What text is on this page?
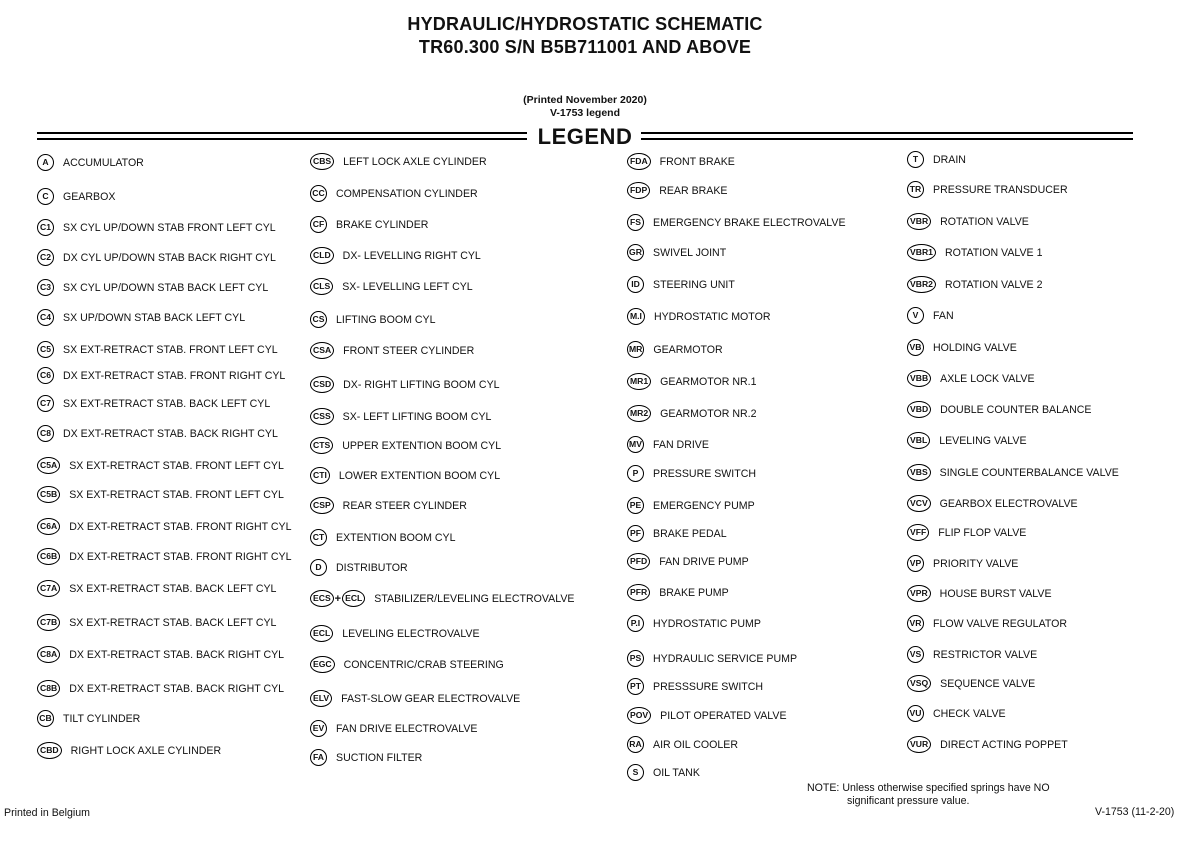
HYDRAULIC/HYDROSTATIC SCHEMATIC
TR60.300 S/N B5B711001 AND ABOVE
(Printed November 2020)
V-1753 legend
LEGEND
A	ACCUMULATOR
C	GEARBOX
C1 SX CYL UP/DOWN STAB FRONT LEFT CYL
C2 DX CYL UP/DOWN STAB BACK RIGHT CYL
C3 SX CYL UP/DOWN STAB BACK LEFT CYL
C4 SX UP/DOWN STAB BACK LEFT CYL
C5 SX EXT-RETRACT STAB. FRONT LEFT CYL
C6 DX EXT-RETRACT STAB. FRONT RIGHT CYL
C7 SX EXT-RETRACT STAB. BACK LEFT CYL
C8 DX EXT-RETRACT STAB. BACK RIGHT CYL
C5A SX EXT-RETRACT STAB. FRONT LEFT CYL
C5B SX EXT-RETRACT STAB. FRONT LEFT CYL
C6A DX EXT-RETRACT STAB. FRONT RIGHT CYL
C6B DX EXT-RETRACT STAB. FRONT RIGHT CYL
C7A SX EXT-RETRACT STAB. BACK LEFT CYL
C7B SX EXT-RETRACT STAB. BACK LEFT CYL
C8A DX EXT-RETRACT STAB. BACK RIGHT CYL
C8B DX EXT-RETRACT STAB. BACK RIGHT CYL
CB TILT CYLINDER
CBD RIGHT LOCK AXLE CYLINDER
CBS LEFT LOCK AXLE CYLINDER
CC COMPENSATION CYLINDER
CF BRAKE CYLINDER
CLD DX- LEVELLING RIGHT CYL
CLS SX- LEVELLING LEFT CYL
CS LIFTING BOOM CYL
CSA FRONT STEER CYLINDER
CSD DX- RIGHT LIFTING BOOM CYL
CSS SX- LEFT LIFTING BOOM CYL
CTS UPPER EXTENTION BOOM CYL
CTI LOWER EXTENTION BOOM CYL
CSP REAR STEER CYLINDER
CT EXTENTION BOOM CYL
D	DISTRIBUTOR
ECS + ECL STABILIZER/LEVELING ELECTROVALVE
ECL LEVELING ELECTROVALVE
EGC CONCENTRIC/CRAB STEERING
ELV FAST-SLOW GEAR ELECTROVALVE
EV FAN DRIVE ELECTROVALVE
FA SUCTION FILTER
FDA FRONT BRAKE
FDP REAR BRAKE
FS EMERGENCY BRAKE ELECTROVALVE
GR SWIVEL JOINT
ID	STEERING UNIT
M.I HYDROSTATIC MOTOR
MR GEARMOTOR
MR1 GEARMOTOR NR.1
MR2 GEARMOTOR NR.2
MV FAN DRIVE
P	PRESSURE SWITCH
PE EMERGENCY PUMP
PF BRAKE PEDAL
PFD FAN DRIVE PUMP
PFR BRAKE PUMP
P.I	HYDROSTATIC PUMP
PS HYDRAULIC SERVICE PUMP
PT PRESSSURE SWITCH
POV PILOT OPERATED VALVE
RA AIR OIL COOLER
S	OIL TANK
T	DRAIN
TR PRESSURE TRANSDUCER
VBR ROTATION VALVE
VBR1 ROTATION VALVE 1
VBR2 ROTATION VALVE 2
V	FAN
VB HOLDING VALVE
VBB AXLE LOCK VALVE
VBD DOUBLE COUNTER BALANCE
VBL LEVELING VALVE
VBS SINGLE COUNTERBALANCE VALVE
VCV GEARBOX ELECTROVALVE
VFF FLIP FLOP VALVE
VP PRIORITY VALVE
VPR HOUSE BURST VALVE
VR FLOW VALVE REGULATOR
VS RESTRICTOR VALVE
VSQ SEQUENCE VALVE
VU CHECK VALVE
VUR DIRECT ACTING POPPET
NOTE: Unless otherwise specified springs have NO
significant pressure value.
Printed in Belgium	V-1753 (11-2-20)
